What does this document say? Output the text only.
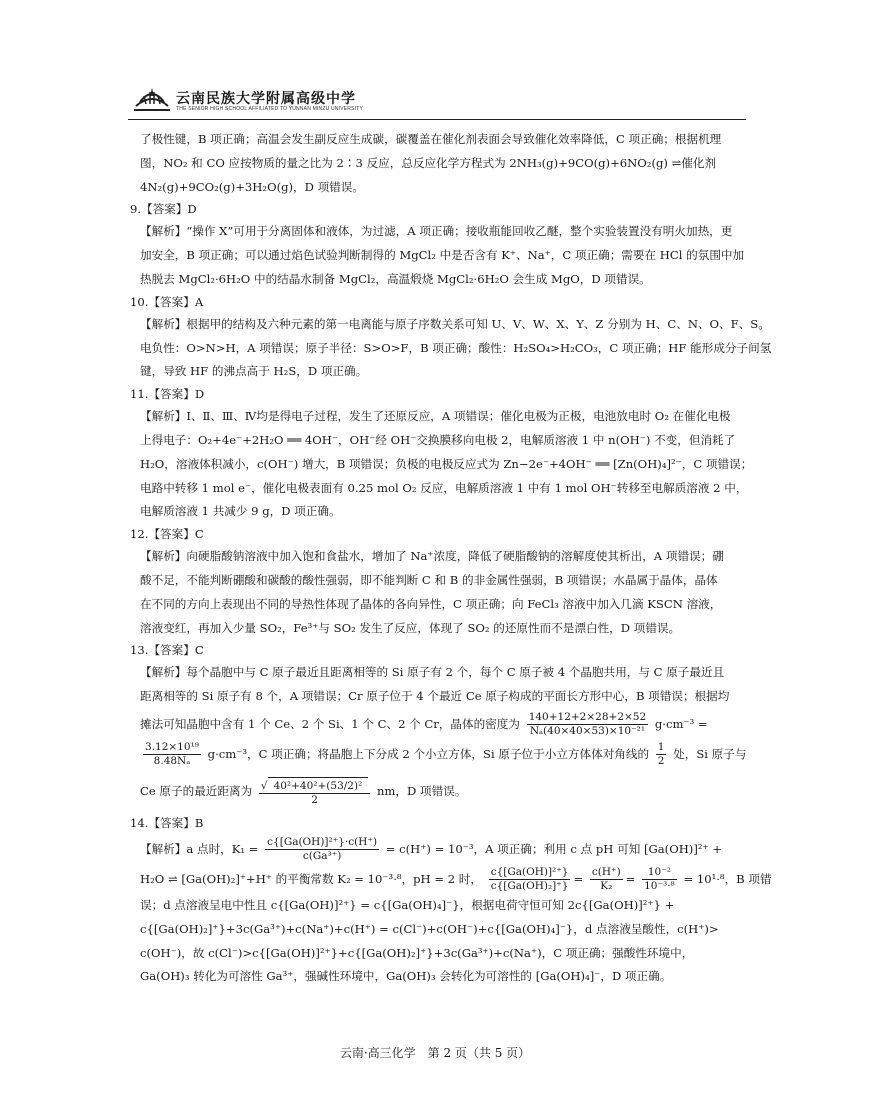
云南民族大学附属高级中学
THE SENIOR HIGH SCHOOL AFFILIATED TO YUNNAN MINZU UNIVERSITY
了极性键，B 项正确；高温会发生副反应生成碳，碳覆盖在催化剂表面会导致催化效率降低，C 项正确；根据机理
图，NO₂ 和 CO 应按物质的量之比为 2∶3 反应，总反应化学方程式为 2NH₃(g)+9CO(g)+6NO₂(g) ⇌催化剂
4N₂(g)+9CO₂(g)+3H₂O(g)，D 项错误。
9.【答案】D
【解析】“操作 X”可用于分离固体和液体，为过滤，A 项正确；接收瓶能回收乙醚，整个实验装置没有明火加热，更
加安全，B 项正确；可以通过焰色试验判断制得的 MgCl₂ 中是否含有 K⁺、Na⁺，C 项正确；需要在 HCl 的氛围中加
热脱去 MgCl₂·6H₂O 中的结晶水制备 MgCl₂，高温煅烧 MgCl₂·6H₂O 会生成 MgO，D 项错误。
10.【答案】A
【解析】根据甲的结构及六种元素的第一电离能与原子序数关系可知 U、V、W、X、Y、Z 分别为 H、C、N、O、F、S。
电负性：O>N>H，A 项错误；原子半径：S>O>F，B 项正确；酸性：H₂SO₄>H₂CO₃，C 项正确；HF 能形成分子间氢
键，导致 HF 的沸点高于 H₂S，D 项正确。
11.【答案】D
【解析】Ⅰ、Ⅱ、Ⅲ、Ⅳ均是得电子过程，发生了还原反应，A 项错误；催化电极为正极，电池放电时 O₂ 在催化电极
上得电子：O₂+4e⁻+2H₂O ══ 4OH⁻，OH⁻经 OH⁻交换膜移向电极 2，电解质溶液 1 中 n(OH⁻) 不变，但消耗了
H₂O，溶液体积减小，c(OH⁻) 增大，B 项错误；负极的电极反应式为 Zn−2e⁻+4OH⁻ ══ [Zn(OH)₄]²⁻，C 项错误；
电路中转移 1 mol e⁻，催化电极表面有 0.25 mol O₂ 反应，电解质溶液 1 中有 1 mol OH⁻转移至电解质溶液 2 中，
电解质溶液 1 共减少 9 g，D 项正确。
12.【答案】C
【解析】向硬脂酸钠溶液中加入饱和食盐水，增加了 Na⁺浓度，降低了硬脂酸钠的溶解度使其析出，A 项错误；硼
酸不足，不能判断硼酸和碳酸的酸性强弱，即不能判断 C 和 B 的非金属性强弱，B 项错误；水晶属于晶体，晶体
在不同的方向上表现出不同的导热性体现了晶体的各向异性，C 项正确；向 FeCl₃ 溶液中加入几滴 KSCN 溶液，
溶液变红，再加入少量 SO₂，Fe³⁺与 SO₂ 发生了反应，体现了 SO₂ 的还原性而不是漂白性，D 项错误。
13.【答案】C
【解析】每个晶胞中与 C 原子最近且距离相等的 Si 原子有 2 个，每个 C 原子被 4 个晶胞共用，与 C 原子最近且
距离相等的 Si 原子有 8 个，A 项错误；Cr 原子位于 4 个最近 Ce 原子构成的平面长方形中心，B 项错误；根据均
摊法可知晶胞中含有 1 个 Ce、2 个 Si、1 个 C、2 个 Cr，晶体的密度为 $\frac{140+12+2\times 28+2\times 52}{\text{Nₐ(40×40×53)×10⁻²¹}} g\cdot cm^{-3}$ =
$\frac{\text{3.12×10¹⁹}}{\text{8.48Nₐ}} g\cdot cm^{-3}$，C 项正确；将晶胞上下分成 2 个小立方体，Si 原子位于小立方体体对角线的 $\frac{1}{2}$ 处，Si 原子与
Ce 原子的最近距离为 $\frac{\text{√ 40²+40²+(53/2)²}}{2}$ nm，D 项错误。
14.【答案】B
【解析】a 点时，$K_1 = \frac{\text{c\{[Ga(OH)]²⁺\}·c(H⁺)}}{\text{c(Ga³⁺)}} = c(H^+) = 10^{-3}$，A 项正确；利用 c 点 pH 可知 [Ga(OH)]²⁺ +
H₂O ⇌ [Ga(OH)₂]⁺+H⁺ 的平衡常数 K₂ = 10⁻³·⁸，pH = 2 时， $\frac{\text{c\{[Ga(OH)]²⁺\}}}{\text{c\{[Ga(OH)₂]⁺\}}} = \frac{c(H^+)}{\text{K₂}} = \frac{\text{10⁻²}}{\text{10⁻³·⁸}} = 10^1\cdot^8$，B 项错
误；d 点溶液呈电中性且 c{[Ga(OH)]²⁺} = c{[Ga(OH)₄]⁻}，根据电荷守恒可知 2c{[Ga(OH)]²⁺} +
c{[Ga(OH)₂]⁺}+3c(Ga³⁺)+c(Na⁺)+c(H⁺) = c(Cl⁻)+c(OH⁻)+c{[Ga(OH)₄]⁻}，d 点溶液呈酸性，c(H⁺)>
c(OH⁻)，故 c(Cl⁻)>c{[Ga(OH)]²⁺}+c{[Ga(OH)₂]⁺}+3c(Ga³⁺)+c(Na⁺)，C 项正确；强酸性环境中，
Ga(OH)₃ 转化为可溶性 Ga³⁺，强碱性环境中，Ga(OH)₃ 会转化为可溶性的 [Ga(OH)₄]⁻，D 项正确。
云南·高三化学　第 2 页（共 5 页）
